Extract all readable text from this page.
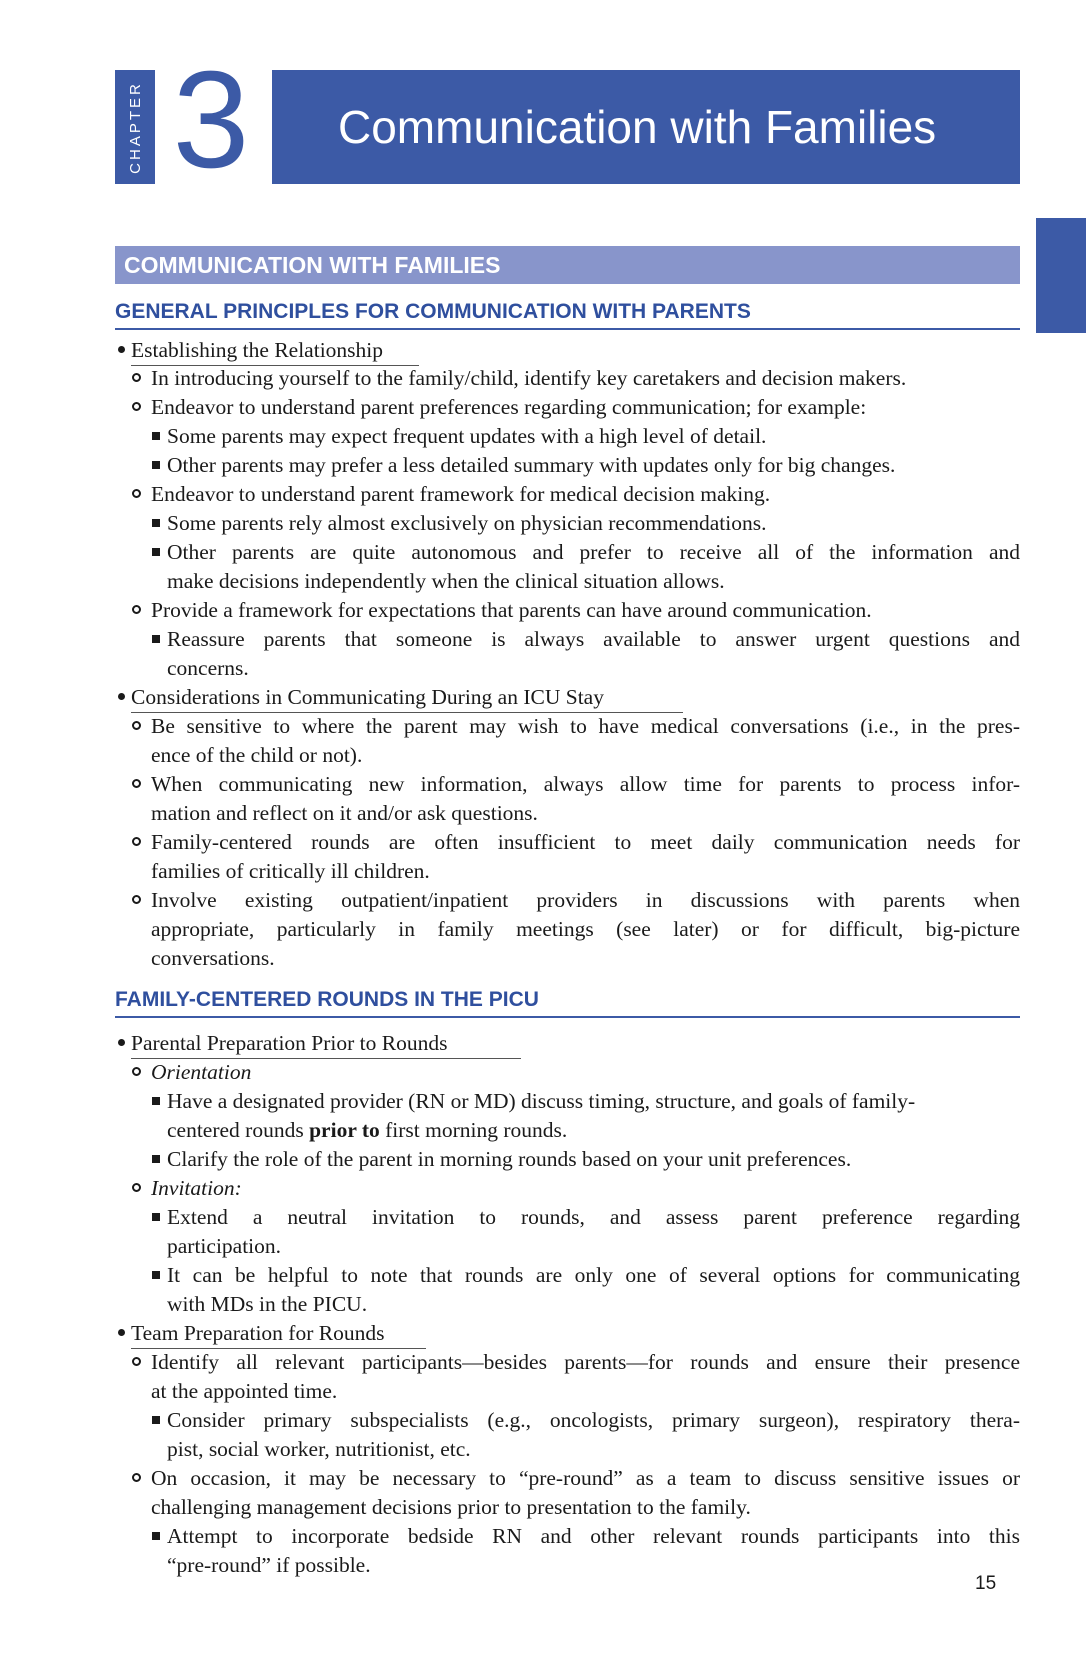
CHAPTER 3	Communication with Families
COMMUNICATION WITH FAMILIES
GENERAL PRINCIPLES FOR COMMUNICATION WITH PARENTS
Establishing the Relationship
In introducing yourself to the family/child, identify key caretakers and decision makers.
Endeavor to understand parent preferences regarding communication; for example:
Some parents may expect frequent updates with a high level of detail.
Other parents may prefer a less detailed summary with updates only for big changes.
Endeavor to understand parent framework for medical decision making.
Some parents rely almost exclusively on physician recommendations.
Other parents are quite autonomous and prefer to receive all of the information and
make decisions independently when the clinical situation allows.
Provide a framework for expectations that parents can have around communication.
Reassure parents that someone is always available to answer urgent questions and
concerns.
Considerations in Communicating During an ICU Stay
Be sensitive to where the parent may wish to have medical conversations (i.e., in the pres-
ence of the child or not).
When communicating new information, always allow time for parents to process infor-
mation and reflect on it and/or ask questions.
Family-centered rounds are often insufficient to meet daily communication needs for
families of critically ill children.
Involve existing outpatient/inpatient providers in discussions with parents when
appropriate, particularly in family meetings (see later) or for difficult, big-picture
conversations.
FAMILY-CENTERED ROUNDS IN THE PICU
Parental Preparation Prior to Rounds
Orientation
Have a designated provider (RN or MD) discuss timing, structure, and goals of family-
centered rounds prior to first morning rounds.
Clarify the role of the parent in morning rounds based on your unit preferences.
Invitation:
Extend a neutral invitation to rounds, and assess parent preference regarding
participation.
It can be helpful to note that rounds are only one of several options for communicating
with MDs in the PICU.
Team Preparation for Rounds
Identify all relevant participants—besides parents—for rounds and ensure their presence
at the appointed time.
Consider primary subspecialists (e.g., oncologists, primary surgeon), respiratory thera-
pist, social worker, nutritionist, etc.
On occasion, it may be necessary to “pre-round” as a team to discuss sensitive issues or
challenging management decisions prior to presentation to the family.
Attempt to incorporate bedside RN and other relevant rounds participants into this
“pre-round” if possible.
15
